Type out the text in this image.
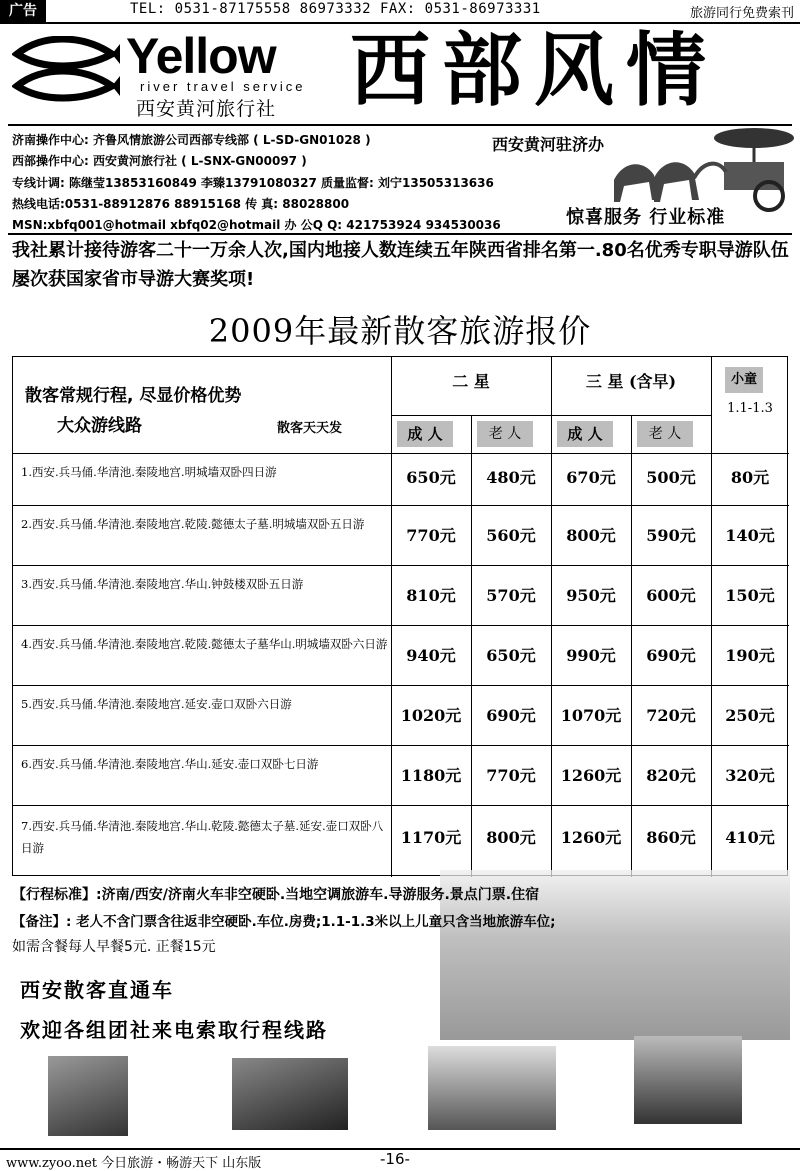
广告	TEL: 0531-87175558 86973332 FAX: 0531-86973331	旅游同行免费索刊
Yellow
river travel service
西安黄河旅行社 西部风情
济南操作中心: 齐鲁风情旅游公司西部专线部 ( L-SD-GN01028 )
西部操作中心: 西安黄河旅行社 ( L-SNX-GN00097 )
专线计调: 陈继莹13853160849 李臻13791080327 质量监督: 刘宁13505313636
热线电话:0531-88912876 88915168 传 真: 88028800
MSN:xbfq001@hotmail xbfq02@hotmail 办 公Q Q: 421753924 934530036
西安黄河驻济办
惊喜服务 行业标准
我社累计接待游客二十一万余人次,国内地接人数连续五年陕西省排名第一.80名优秀专职导游队伍屡次获国家省市导游大赛奖项!
2009年最新散客旅游报价
散客常规行程, 尽显价格优势
大众游线路	散客天天发
二 星	三 星 (含早)	小童
1.1-1.3
成 人	老 人	成 人	老 人
1.西安.兵马俑.华清池.秦陵地宫.明城墙双卧四日游	650元	480元	670元	500元	80元
2.西安.兵马俑.华清池.秦陵地宫.乾陵.懿德太子墓.明城墙双卧五日游
770元	560元	800元	590元	140元
3.西安.兵马俑.华清池.秦陵地宫.华山.钟鼓楼双卧五日游
810元	570元	950元	600元	150元
4.西安.兵马俑.华清池.秦陵地宫.乾陵.懿德太子墓华山.明城墙双卧六日游
940元	650元	990元	690元	190元
5.西安.兵马俑.华清池.秦陵地宫.延安.壶口双卧六日游
1020元	690元	1070元	720元	250元
6.西安.兵马俑.华清池.秦陵地宫.华山.延安.壶口双卧七日游
1180元	770元	1260元	820元	320元
7.西安.兵马俑.华清池.秦陵地宫.华山.乾陵.懿德太子墓.延安.壶口双卧八日游
1170元	800元	1260元	860元	410元
【行程标准】:济南/西安/济南火车非空硬卧.当地空调旅游车.导游服务.景点门票.住宿
【备注】: 老人不含门票含往返非空硬卧.车位.房费;1.1-1.3米以上儿童只含当地旅游车位;
如需含餐每人早餐5元. 正餐15元
西安散客直通车
欢迎各组团社来电索取行程线路
www.zyoo.net 今日旅游・畅游天下 山东版	-16-
